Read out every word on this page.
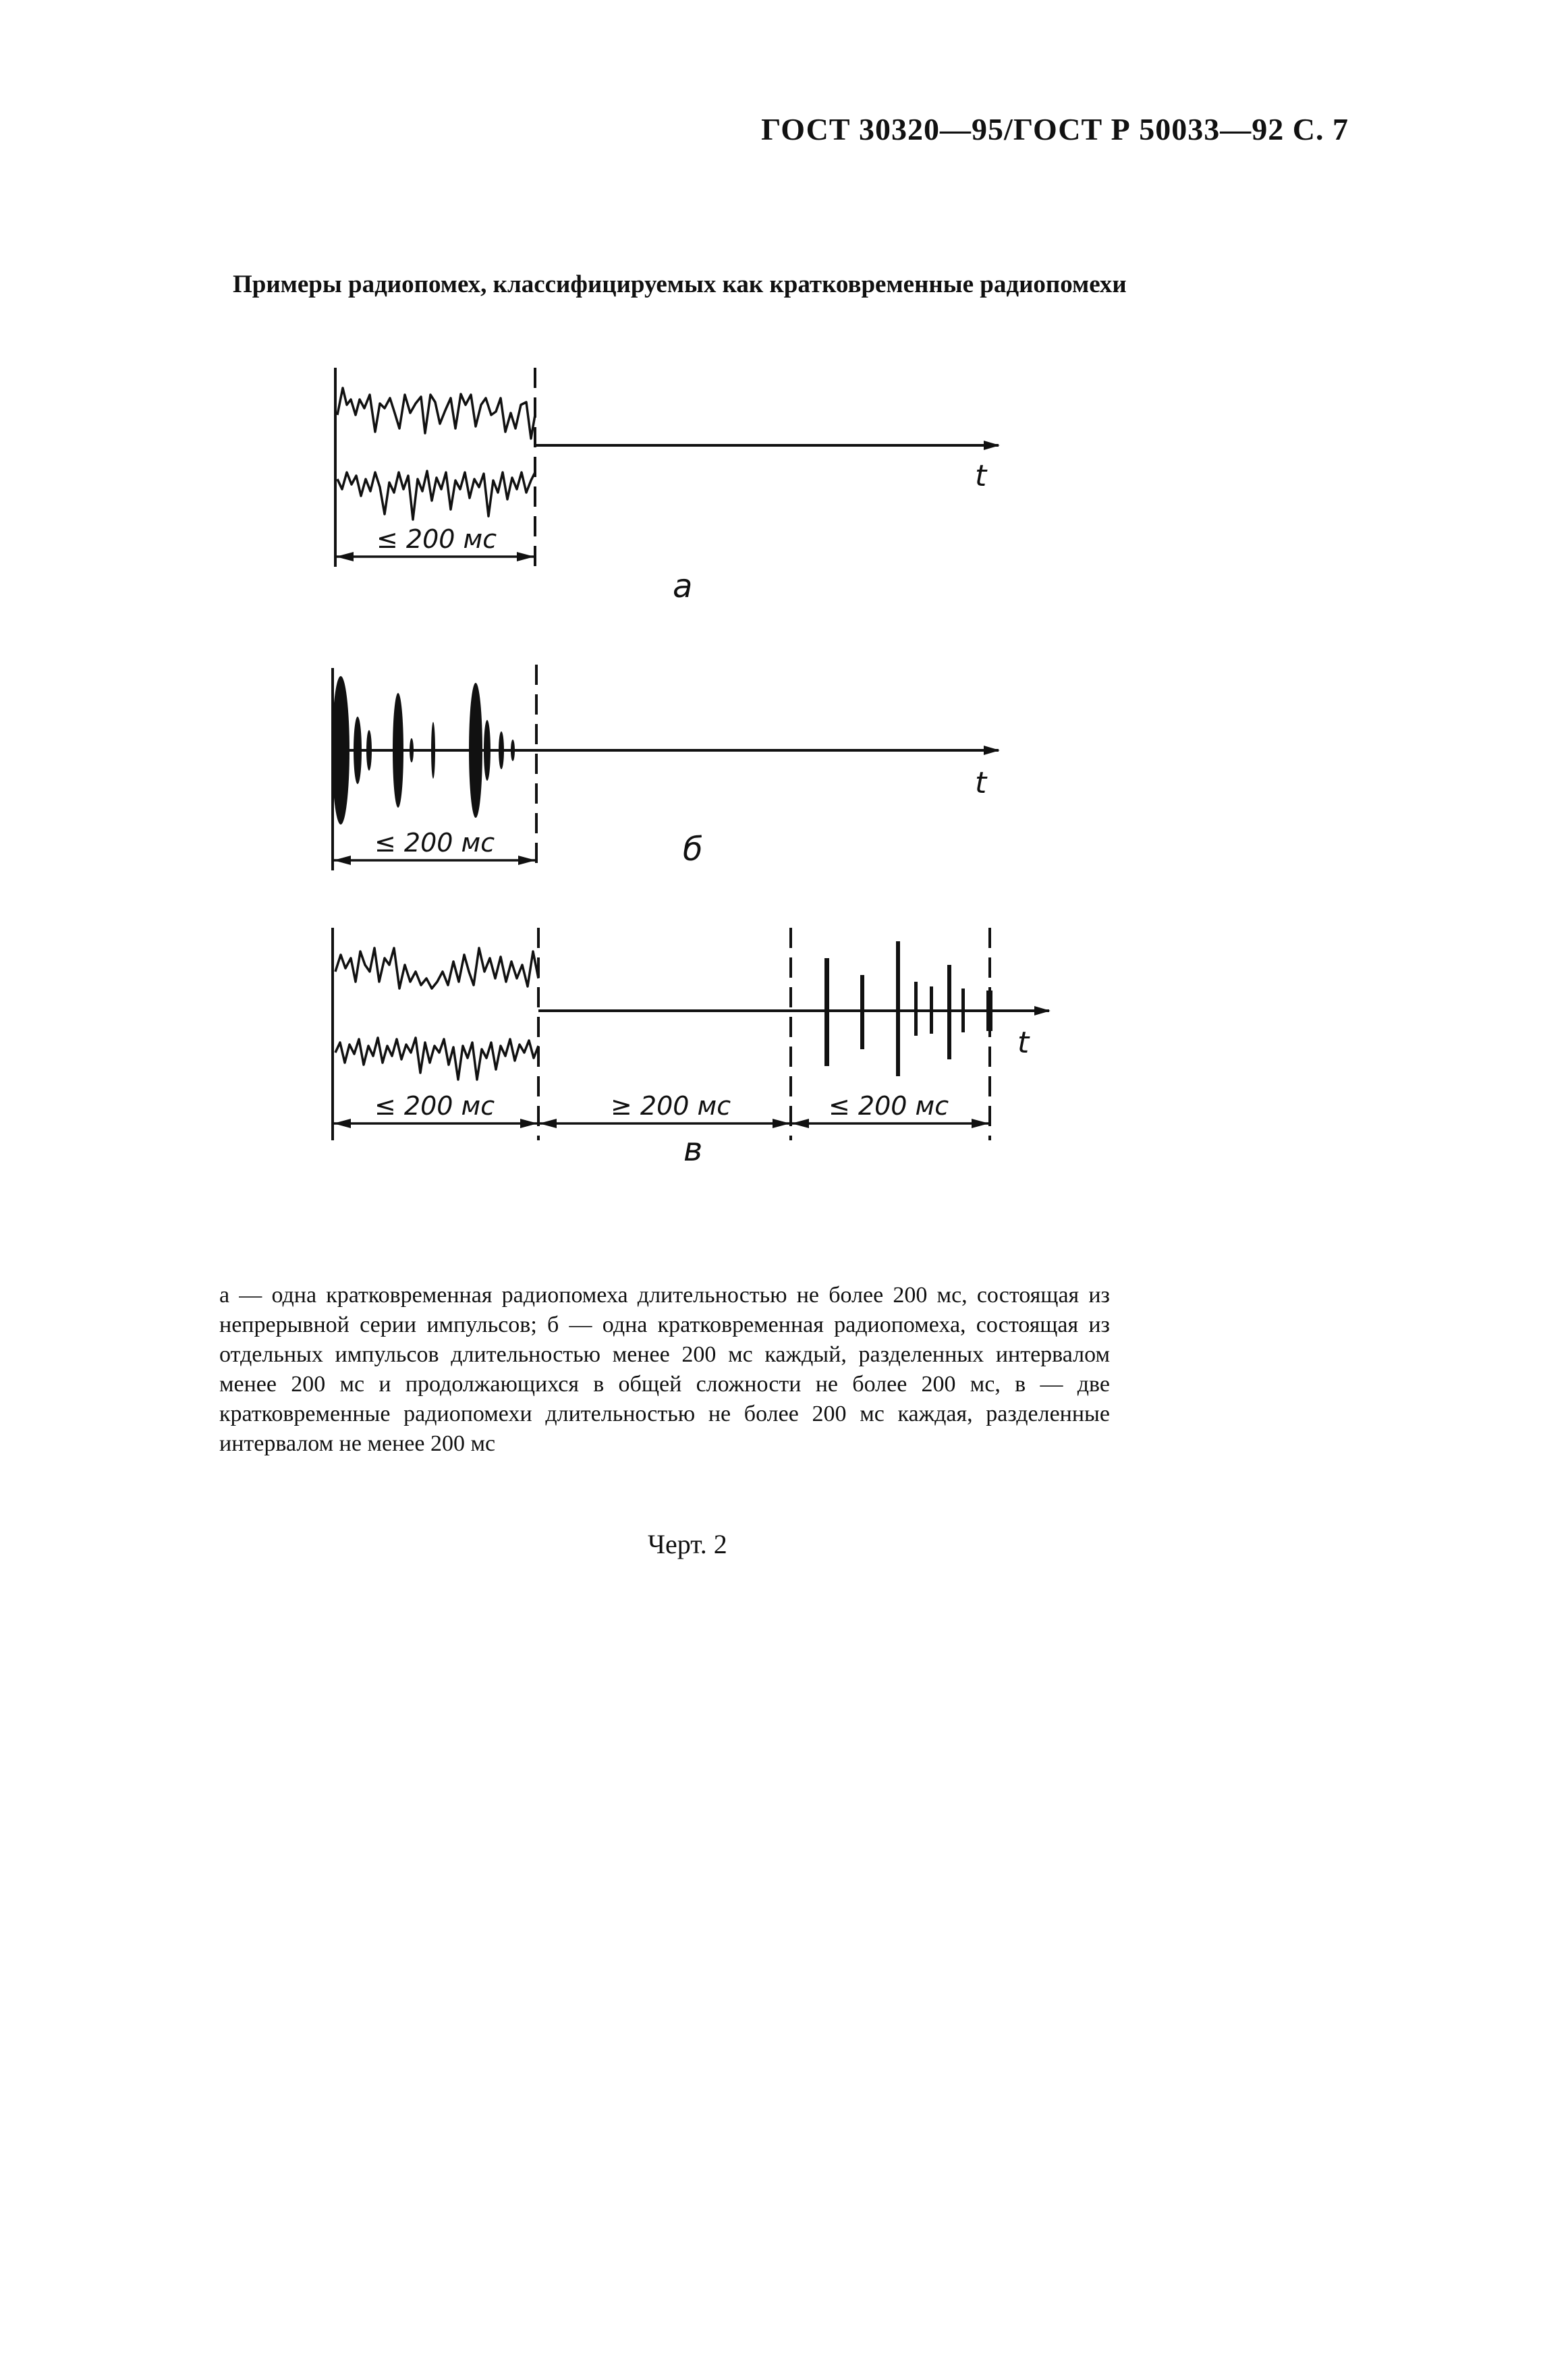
ГОСТ 30320—95/ГОСТ Р 50033—92 С. 7
Примеры радиопомех, классифицируемых как кратковременные радиопомехи
t
≤ 200 мс
а
t
≤ 200 мс	б
t
≤ 200 мс	≥ 200 мс	≤ 200 мс
в
а — одна кратковременная радиопомеха длительностью не более 200 мс, состоящая из непрерывной серии импульсов; б — одна кратковременная радиопомеха, состоящая из отдельных импульсов длительностью менее 200 мс каждый, разделенных интервалом менее 200 мс и продолжающихся в общей сложности не более 200 мс, в — две кратковременные радиопомехи длительностью не более 200 мс каждая, разделенные интервалом не менее 200 мс
Черт. 2
